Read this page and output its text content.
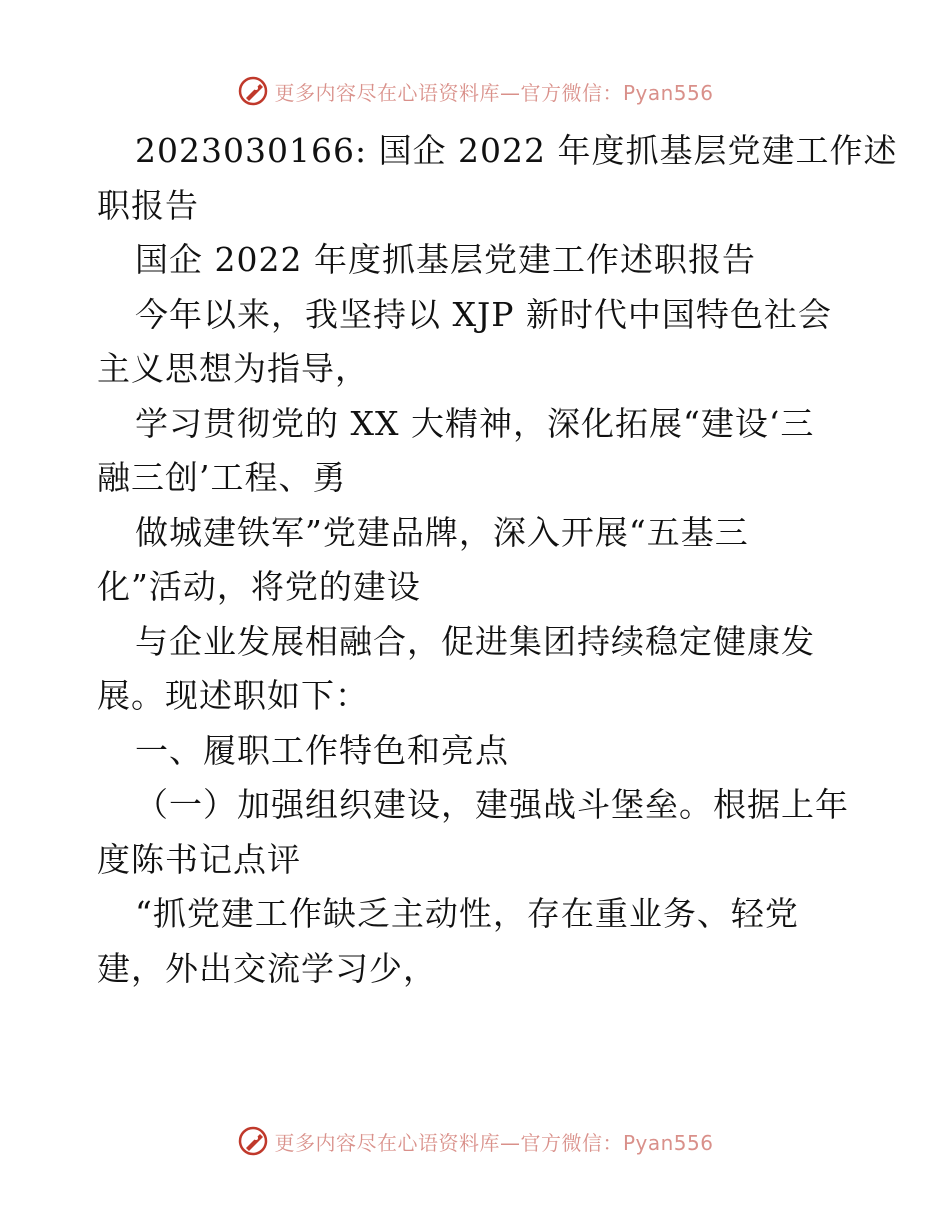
更多内容尽在心语资料库—官方微信：Pyan556
2023030166: 国企 2022 年度抓基层党建工作述
职报告
国企 2022 年度抓基层党建工作述职报告
今年以来，我坚持以 XJP 新时代中国特色社会
主义思想为指导，
学习贯彻党的 XX 大精神，深化拓展“建设‘三
融三创’工程、勇
做城建铁军”党建品牌，深入开展“五基三
化”活动，将党的建设
与企业发展相融合，促进集团持续稳定健康发
展。现述职如下：
一、履职工作特色和亮点
（一）加强组织建设，建强战斗堡垒。根据上年
度陈书记点评
“抓党建工作缺乏主动性，存在重业务、轻党
建，外出交流学习少，
更多内容尽在心语资料库—官方微信：Pyan556
